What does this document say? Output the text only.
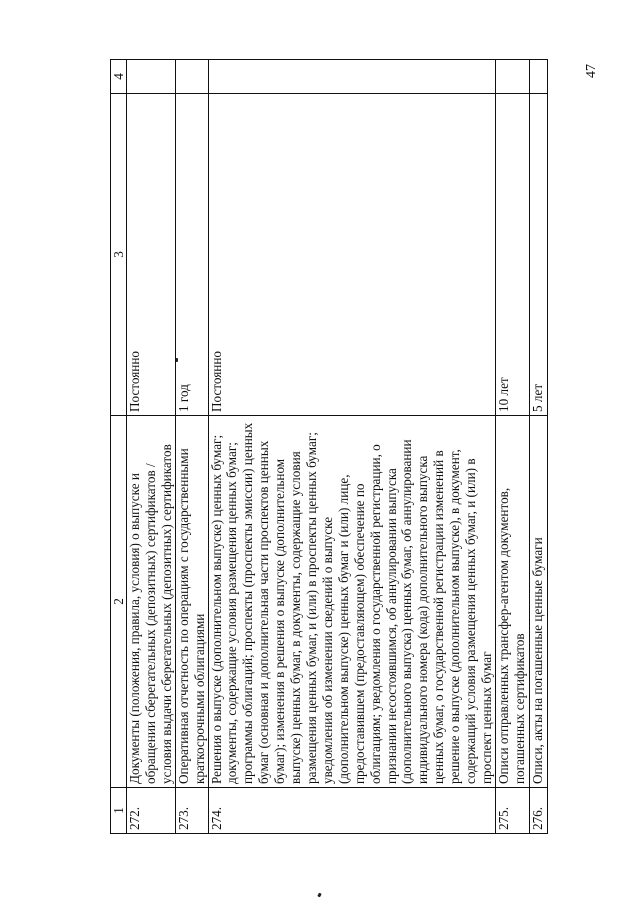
47
1	2	3	4
272.	Документы (положения, правила, условия) о выпуске и обращении сберегательных (депозитных) сертификатов / условия выдачи сберегательных (депозитных) сертификатов	Постоянно	
273.	Оперативная отчетность по операциям с государственными краткосрочными облигациями	1 год	
274.	Решения о выпуске (дополнительном выпуске) ценных бумаг; документы, содержащие условия размещения ценных бумаг; программы облигаций; проспекты (проспекты эмиссии) ценных бумаг (основная и дополнительная части проспектов ценных бумаг); изменения в решения о выпуске (дополнительном выпуске) ценных бумаг, в документы, содержащие условия размещения ценных бумаг, и (или) в проспекты ценных бумаг; уведомления об изменении сведений о выпуске (дополнительном выпуске) ценных бумаг и (или) лице, предоставившем (предоставляющем) обеспечение по облигациям; уведомления о государственной регистрации, о признании несостоявшимся, об аннулировании выпуска (дополнительного выпуска) ценных бумаг, об аннулировании индивидуального номера (кода) дополнительного выпуска ценных бумаг, о государственной регистрации изменений в решение о выпуске (дополнительном выпуске), в документ, содержащий условия размещения ценных бумаг, и (или) в проспект ценных бумаг	Постоянно	
275.	Описи отправленных трансфер-агентом документов, погашенных сертификатов	10 лет	
276.	Описи, акты на погашенные ценные бумаги	5 лет	
